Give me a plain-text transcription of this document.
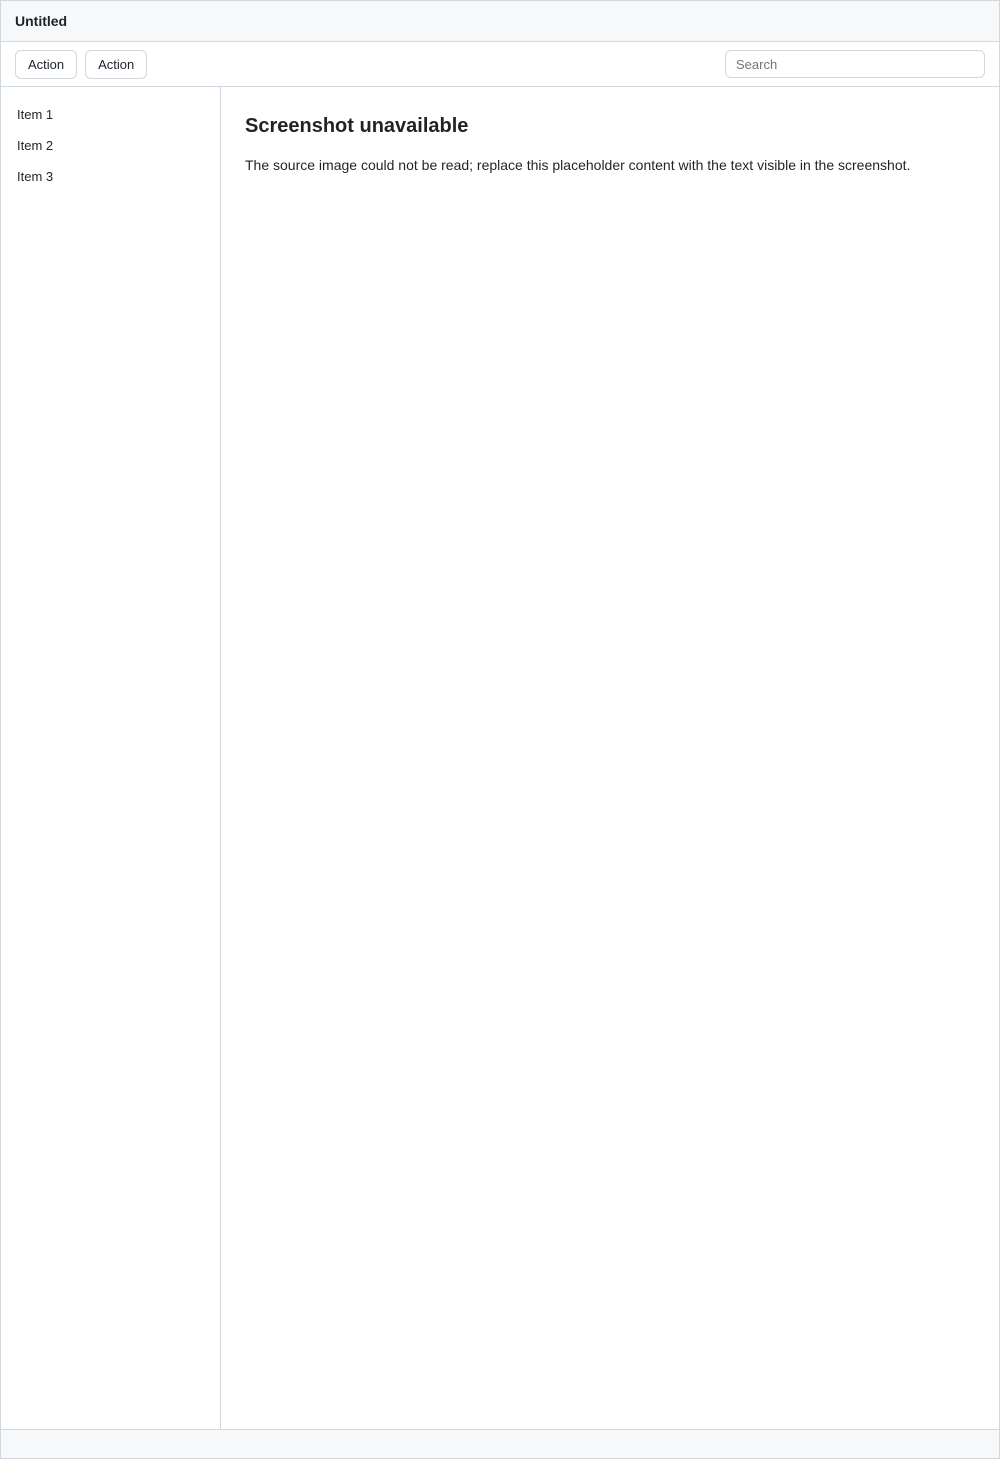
Untitled
Action	Action
Search
Item 1
Item 2
Item 3
Screenshot unavailable

The source image could not be read; replace this placeholder content with the text visible in the screenshot.
